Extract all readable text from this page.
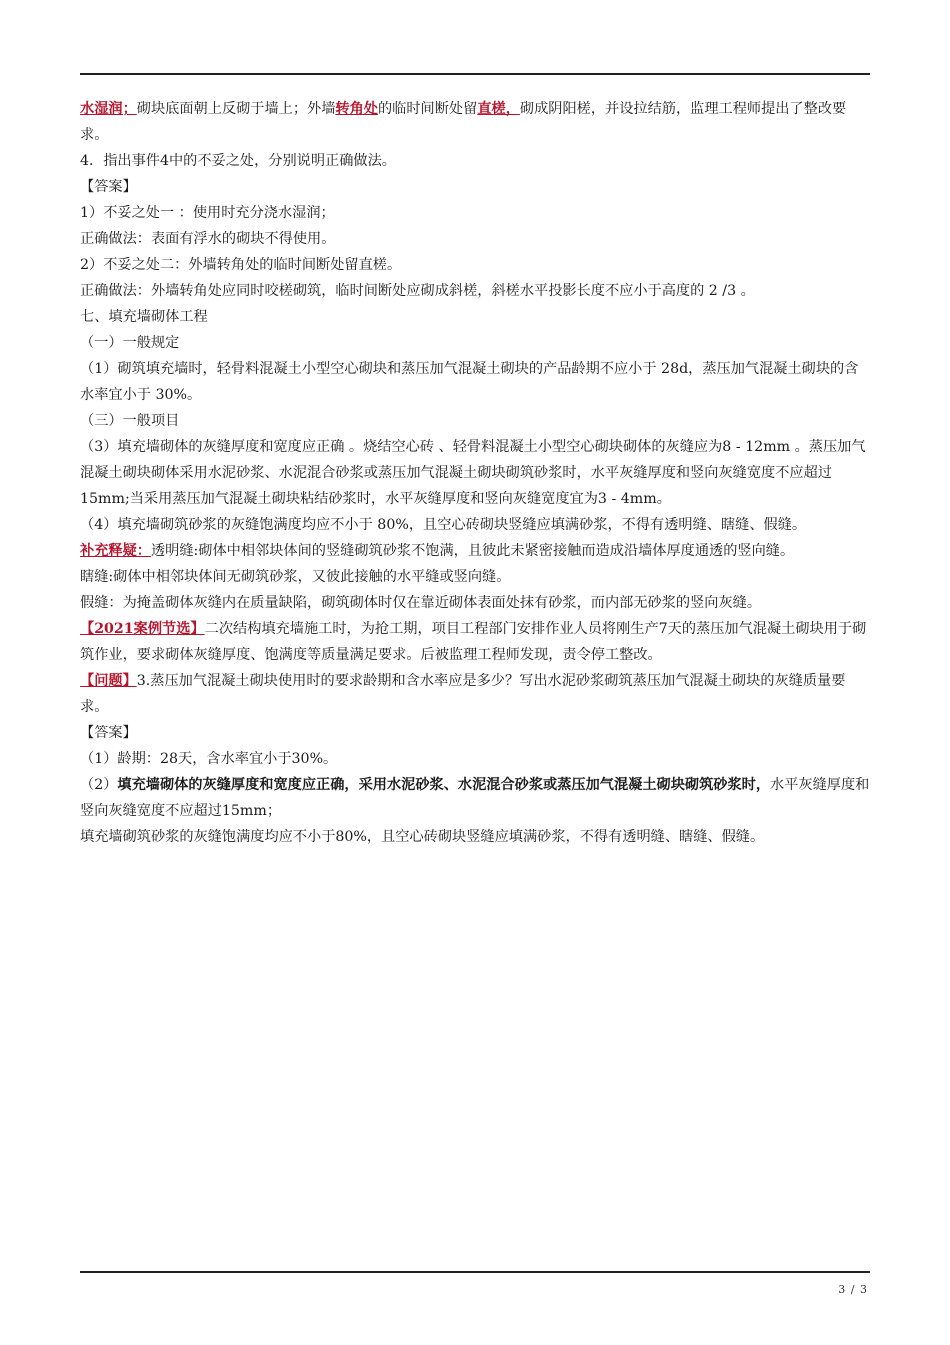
水湿润；砌块底面朝上反砌于墙上；外墙转角处的临时间断处留直槎，砌成阴阳槎，并设拉结筋，监理工程师提出了整改要求。

4．指出事件4中的不妥之处，分别说明正确做法。

【答案】

1）不妥之处一 ：使用时充分浇水湿润；

正确做法：表面有浮水的砌块不得使用。

2）不妥之处二：外墙转角处的临时间断处留直槎。

正确做法：外墙转角处应同时咬槎砌筑，临时间断处应砌成斜槎，斜槎水平投影长度不应小于高度的 2 /3 。

七、填充墙砌体工程

（一）一般规定

（1）砌筑填充墙时，轻骨料混凝土小型空心砌块和蒸压加气混凝土砌块的产品龄期不应小于 28d，蒸压加气混凝土砌块的含水率宜小于 30%。

（三）一般项目

（3）填充墙砌体的灰缝厚度和宽度应正确 。烧结空心砖 、轻骨料混凝土小型空心砌块砌体的灰缝应为8 - 12mm 。蒸压加气混凝土砌块砌体采用水泥砂浆、水泥混合砂浆或蒸压加气混凝土砌块砌筑砂浆时，水平灰缝厚度和竖向灰缝宽度不应超过15mm;当采用蒸压加气混凝土砌块粘结砂浆时，水平灰缝厚度和竖向灰缝宽度宜为3 - 4mm。

（4）填充墙砌筑砂浆的灰缝饱满度均应不小于 80%，且空心砖砌块竖缝应填满砂浆，不得有透明缝、瞎缝、假缝。

补充释疑：透明缝:砌体中相邻块体间的竖缝砌筑砂浆不饱满，且彼此未紧密接触而造成沿墙体厚度通透的竖向缝。

瞎缝:砌体中相邻块体间无砌筑砂浆，又彼此接触的水平缝或竖向缝。

假缝：为掩盖砌体灰缝内在质量缺陷，砌筑砌体时仅在靠近砌体表面处抹有砂浆，而内部无砂浆的竖向灰缝。

【2021案例节选】二次结构填充墙施工时，为抢工期，项目工程部门安排作业人员将刚生产7天的蒸压加气混凝土砌块用于砌筑作业，要求砌体灰缝厚度、饱满度等质量满足要求。后被监理工程师发现，责令停工整改。

【问题】3.蒸压加气混凝土砌块使用时的要求龄期和含水率应是多少？写出水泥砂浆砌筑蒸压加气混凝土砌块的灰缝质量要求。

【答案】

（1）龄期：28天，含水率宜小于30%。

（2）填充墙砌体的灰缝厚度和宽度应正确，采用水泥砂浆、水泥混合砂浆或蒸压加气混凝土砌块砌筑砂浆时，水平灰缝厚度和竖向灰缝宽度不应超过15mm；

填充墙砌筑砂浆的灰缝饱满度均应不小于80%，且空心砖砌块竖缝应填满砂浆，不得有透明缝、瞎缝、假缝。

3 / 3
